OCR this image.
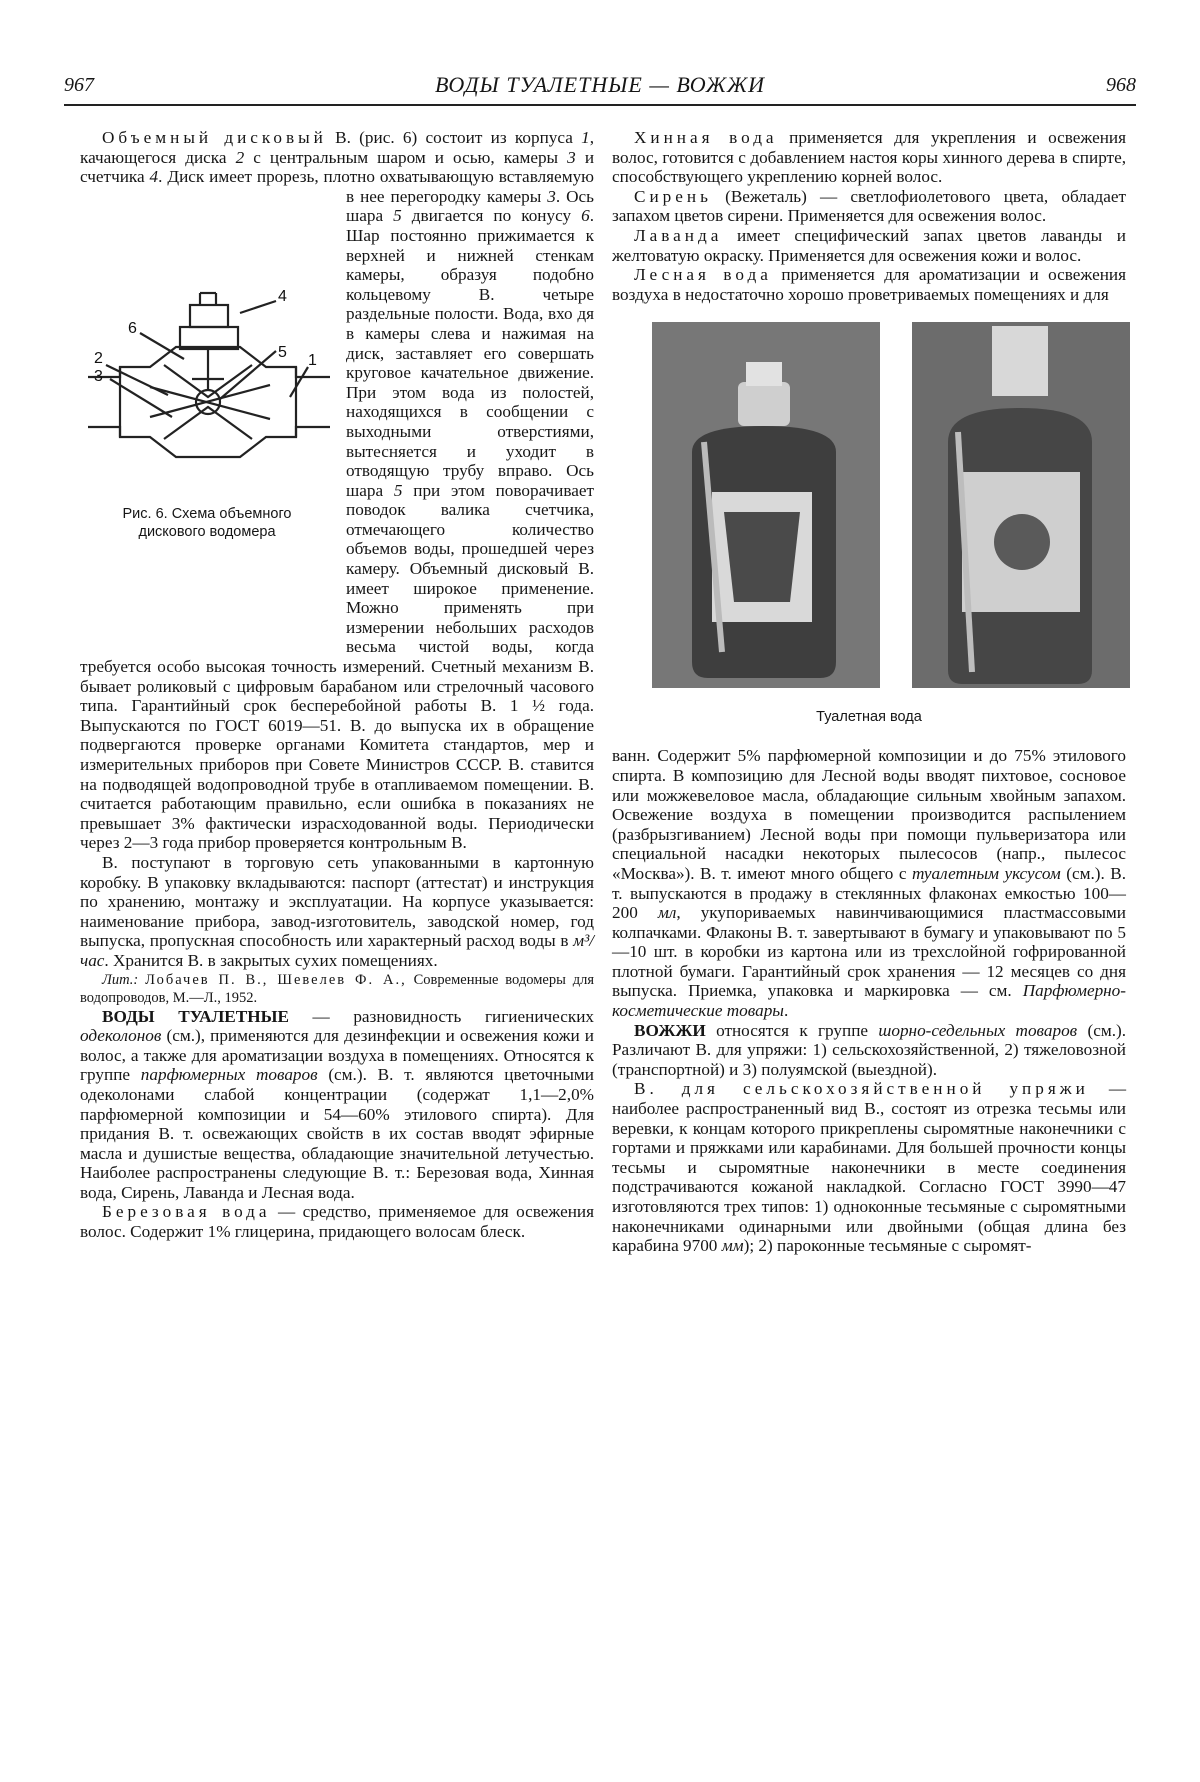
967	ВОДЫ ТУАЛЕТНЫЕ — ВОЖЖИ	968

Объемный дисковый В. (рис. 6) состоит из корпуса 1, качающегося диска 2 с центральным шаром и осью, камеры 3 и счетчика 4. Диск имеет прорезь, плотно охватывающую вставляемую в нее перегородку камеры
6
4
2
3
5 1
Рис. 6. Схема объемного
дискового водомера
3. Ось шара 5 двигается по конусу 6. Шар постоянно прижимается к верхней и нижней стенкам камеры, образуя подобно кольцевому В. четыре раздельные полости. Вода, вхо дя в камеры слева и нажимая на диск, заставляет его совершать круговое качательное движение. При этом вода из полостей, находящихся в сообщении с выходными отверстиями, вытесняется и уходит в отводящую трубу вправо. Ось шара 5 при этом поворачивает поводок валика счетчика, отмечающего количество объемов воды, прошедшей через камеру. Объемный дисковый В. имеет широкое применение. Можно применять при измерении небольших расходов весьма чистой воды, когда требуется особо высокая точность измерений. Счетный механизм В. бывает роликовый с цифровым барабаном или стрелочный часового типа. Гарантийный срок бесперебойной работы В. 1 ½ года. Выпускаются по ГОСТ 6019—51. В. до выпуска их в обращение подвергаются проверке органами Комитета стандартов, мер и измерительных приборов при Совете Министров СССР. В. ставится на подводящей водопроводной трубе в отапливаемом помещении. В. считается работающим правильно, если ошибка в показаниях не превышает 3% фактически израсходованной воды. Периодически через 2—3 года прибор проверяется контрольным В.

В. поступают в торговую сеть упакованными в картонную коробку. В упаковку вкладываются: паспорт (аттестат) и инструкция по хранению, монтажу и эксплуатации. На корпусе указывается: наименование прибора, завод-изготовитель, заводской номер, год выпуска, пропускная способность или характерный расход воды в м³/час. Хранится В. в закрытых сухих помещениях.

Лит.: Лобачев П. В., Шевелев Ф. А., Современные водомеры для водопроводов, М.—Л., 1952.

ВОДЫ ТУАЛЕТНЫЕ — разновидность гигиенических одеколонов (см.), применяются для дезинфекции и освежения кожи и волос, а также для ароматизации воздуха в помещениях. Относятся к группе парфюмерных товаров (см.). В. т. являются цветочными одеколонами слабой концентрации (содержат 1,1—2,0% парфюмерной композиции и 54—60% этилового спирта). Для придания В. т. освежающих свойств в их состав вводят эфирные масла и душистые вещества, обладающие значительной летучестью. Наиболее распространены следующие В. т.: Березовая вода, Хинная вода, Сирень, Лаванда и Лесная вода.

Березовая вода — средство, применяемое для освежения волос. Содержит 1% глицерина, придающего волосам блеск.

Хинная вода применяется для укрепления и освежения волос, готовится с добавлением настоя коры хинного дерева в спирте, способствующего укреплению корней волос.

Сирень (Вежеталь) — светлофиолетового цвета, обладает запахом цветов сирени. Применяется для освежения волос.

Лаванда имеет специфический запах цветов лаванды и желтоватую окраску. Применяется для освежения кожи и волос.

Лесная вода применяется для ароматизации и освежения воздуха в недостаточно хорошо проветриваемых помещениях и для

Туалетная вода

ванн. Содержит 5% парфюмерной композиции и до 75% этилового спирта. В композицию для Лесной воды вводят пихтовое, сосновое или можжевеловое масла, обладающие сильным хвойным запахом. Освежение воздуха в помещении производится распылением (разбрызгиванием) Лесной воды при помощи пульверизатора или специальной насадки некоторых пылесосов (напр., пылесос «Москва»). В. т. имеют много общего с туалетным уксусом (см.). В. т. выпускаются в продажу в стеклянных флаконах емкостью 100—200 мл, укупориваемых навинчивающимися пластмассовыми колпачками. Флаконы В. т. завертывают в бумагу и упаковывают по 5—10 шт. в коробки из картона или из трехслойной гофрированной плотной бумаги. Гарантийный срок хранения — 12 месяцев со дня выпуска. Приемка, упаковка и маркировка — см. Парфюмерно-косметические товары.

ВОЖЖИ относятся к группе шорно-седельных товаров (см.). Различают В. для упряжи: 1) сельскохозяйственной, 2) тяжеловозной (транспортной) и 3) полуямской (выездной).

В. для сельскохозяйственной упряжи — наиболее распространенный вид В., состоят из отрезка тесьмы или веревки, к концам которого прикреплены сыромятные наконечники с гортами и пряжками или карабинами. Для большей прочности концы тесьмы и сыромятные наконечники в месте соединения подстрачиваются кожаной накладкой. Согласно ГОСТ 3990—47 изготовляются трех типов: 1) одноконные тесьмяные с сыромятными наконечниками одинарными или двойными (общая длина без карабина 9700 мм); 2) пароконные тесьмяные с сыромят-
